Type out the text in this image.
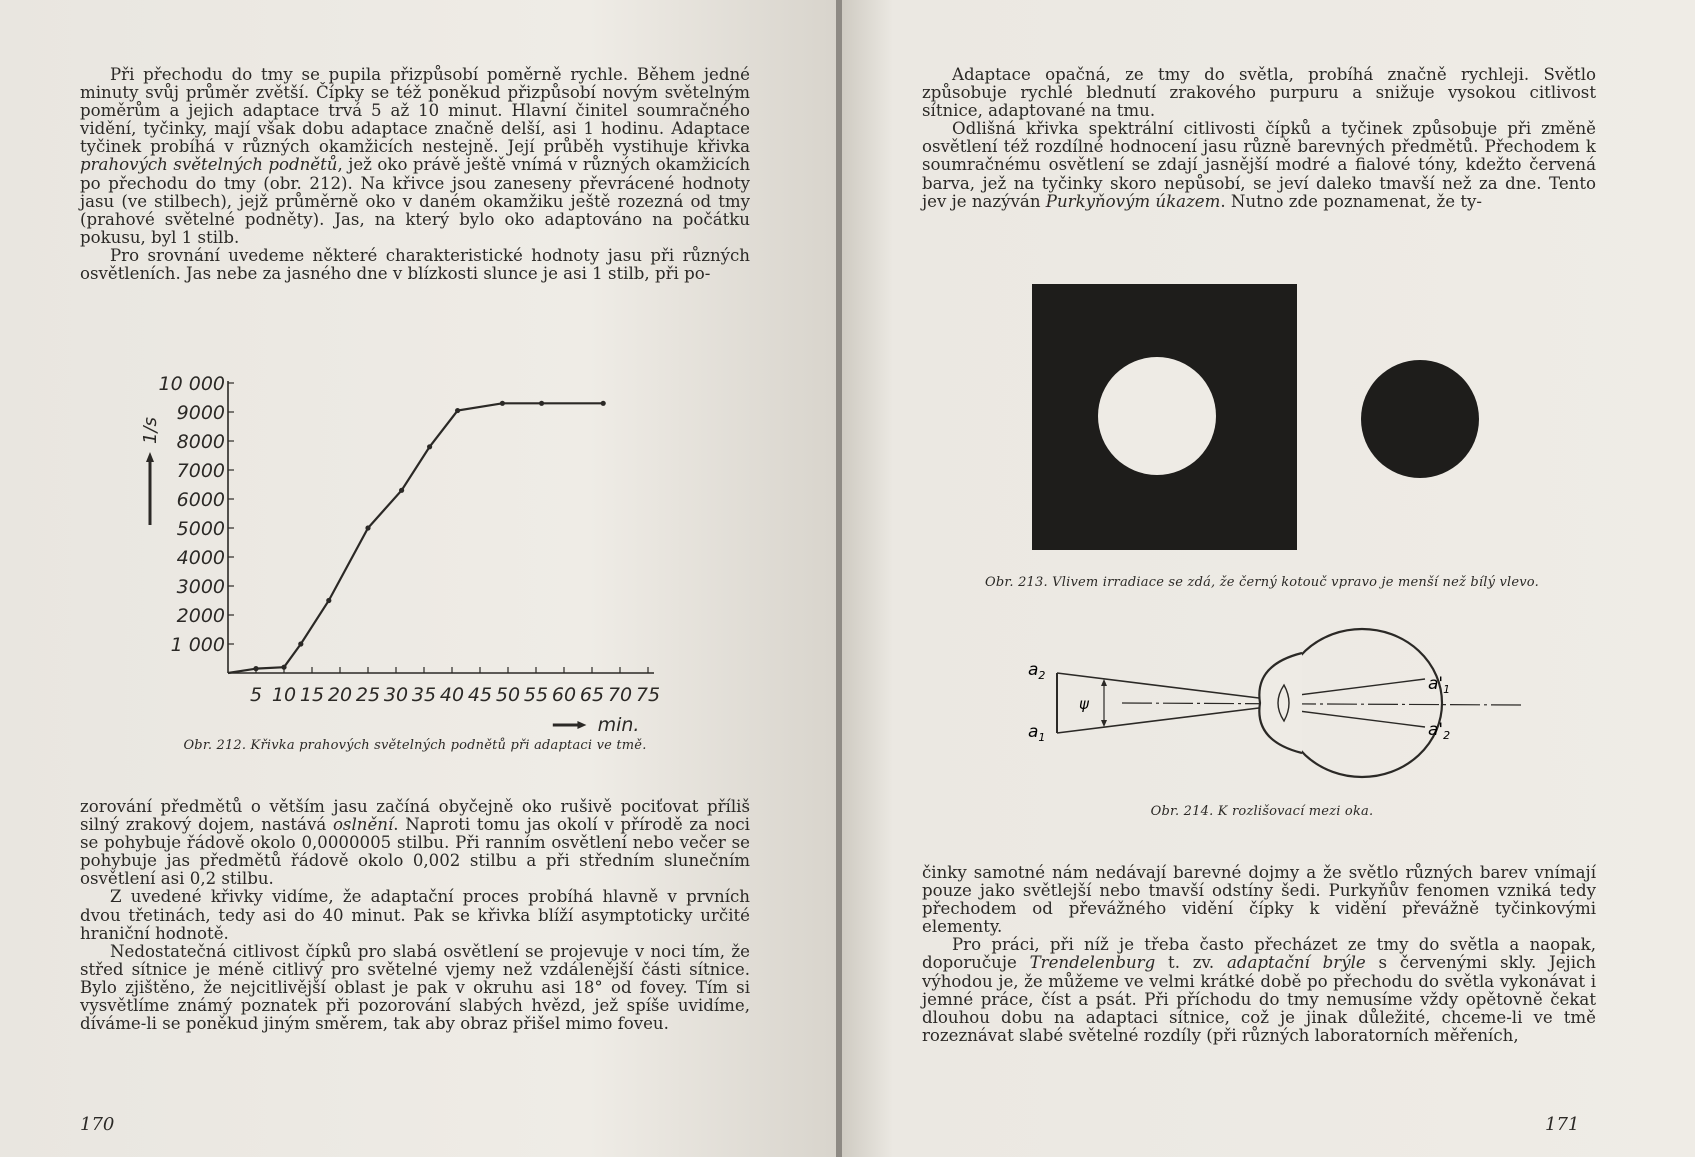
Při přechodu do tmy se pupila přizpůsobí poměrně rychle. Během jedné minuty svůj průměr zvětší. Čípky se též poněkud přizpůsobí novým světelným poměrům a jejich adaptace trvá 5 až 10 minut. Hlavní činitel soumračného vidění, tyčinky, mají však dobu adaptace značně delší, asi 1 hodinu. Adaptace tyčinek probíhá v různých okamžicích nestejně. Její průběh vystihuje křivka prahových světelných podnětů, jež oko právě ještě vnímá v různých okamžicích po přechodu do tmy (obr. 212). Na křivce jsou zaneseny převrácené hodnoty jasu (ve stilbech), jejž průměrně oko v daném okamžiku ještě rozezná od tmy (prahové světelné podněty). Jas, na který bylo oko adaptováno na počátku pokusu, byl 1 stilb.

Pro srovnání uvedeme některé charakteristické hodnoty jasu při různých osvětleních. Jas nebe za jasného dne v blízkosti slunce je asi 1 stilb, při po-

1 000
2000
3000
4000
5000
6000
7000
8000
9000
10 000
5 10 15 20 25 30 35 40 45 50 55 60 65 70 75
min.
1/s
Obr. 212. Křivka prahových světelných podnětů při adaptaci ve tmě.

zorování předmětů o větším jasu začíná obyčejně oko rušivě pociťovat příliš silný zrakový dojem, nastává oslnění. Naproti tomu jas okolí v přírodě za noci se pohybuje řádově okolo 0,0000005 stilbu. Při ranním osvětlení nebo večer se pohybuje jas předmětů řádově okolo 0,002 stilbu a při středním slunečním osvětlení asi 0,2 stilbu.

Z uvedené křivky vidíme, že adaptační proces probíhá hlavně v prvních dvou třetinách, tedy asi do 40 minut. Pak se křivka blíží asymptoticky určité hraniční hodnotě.

Nedostatečná citlivost čípků pro slabá osvětlení se projevuje v noci tím, že střed sítnice je méně citlivý pro světelné vjemy než vzdálenější části sítnice. Bylo zjištěno, že nejcitlivější oblast je pak v okruhu asi 18° od fovey. Tím si vysvětlíme známý poznatek při pozorování slabých hvězd, jež spíše uvidíme, díváme-li se poněkud jiným směrem, tak aby obraz přišel mimo foveu.

170

Adaptace opačná, ze tmy do světla, probíhá značně rychleji. Světlo způsobuje rychlé blednutí zrakového purpuru a snižuje vysokou citlivost sítnice, adaptované na tmu.

Odlišná křivka spektrální citlivosti čípků a tyčinek způsobuje při změně osvětlení též rozdílné hodnocení jasu různě barevných předmětů. Přechodem k soumračnému osvětlení se zdají jasnější modré a fialové tóny, kdežto červená barva, jež na tyčinky skoro nepůsobí, se jeví daleko tmavší než za dne. Tento jev je nazýván Purkyňovým úkazem. Nutno zde poznamenat, že ty-

Obr. 213. Vlivem irradiace se zdá, že černý kotouč vpravo je menší než bílý vlevo.
$a_2$
$a_1$
ψ
$a'_1$
$a'_2$
Obr. 214. K rozlišovací mezi oka.

činky samotné nám nedávají barevné dojmy a že světlo různých barev vnímají pouze jako světlejší nebo tmavší odstíny šedi. Purkyňův fenomen vzniká tedy přechodem od převážného vidění čípky k vidění převážně tyčinkovými elementy.

Pro práci, při níž je třeba často přecházet ze tmy do světla a naopak, doporučuje Trendelenburg t. zv. adaptační brýle s červenými skly. Jejich výhodou je, že můžeme ve velmi krátké době po přechodu do světla vykonávat i jemné práce, číst a psát. Při příchodu do tmy nemusíme vždy opětovně čekat dlouhou dobu na adaptaci sítnice, což je jinak důležité, chceme-li ve tmě rozeznávat slabé světelné rozdíly (při různých laboratorních měřeních,

171
